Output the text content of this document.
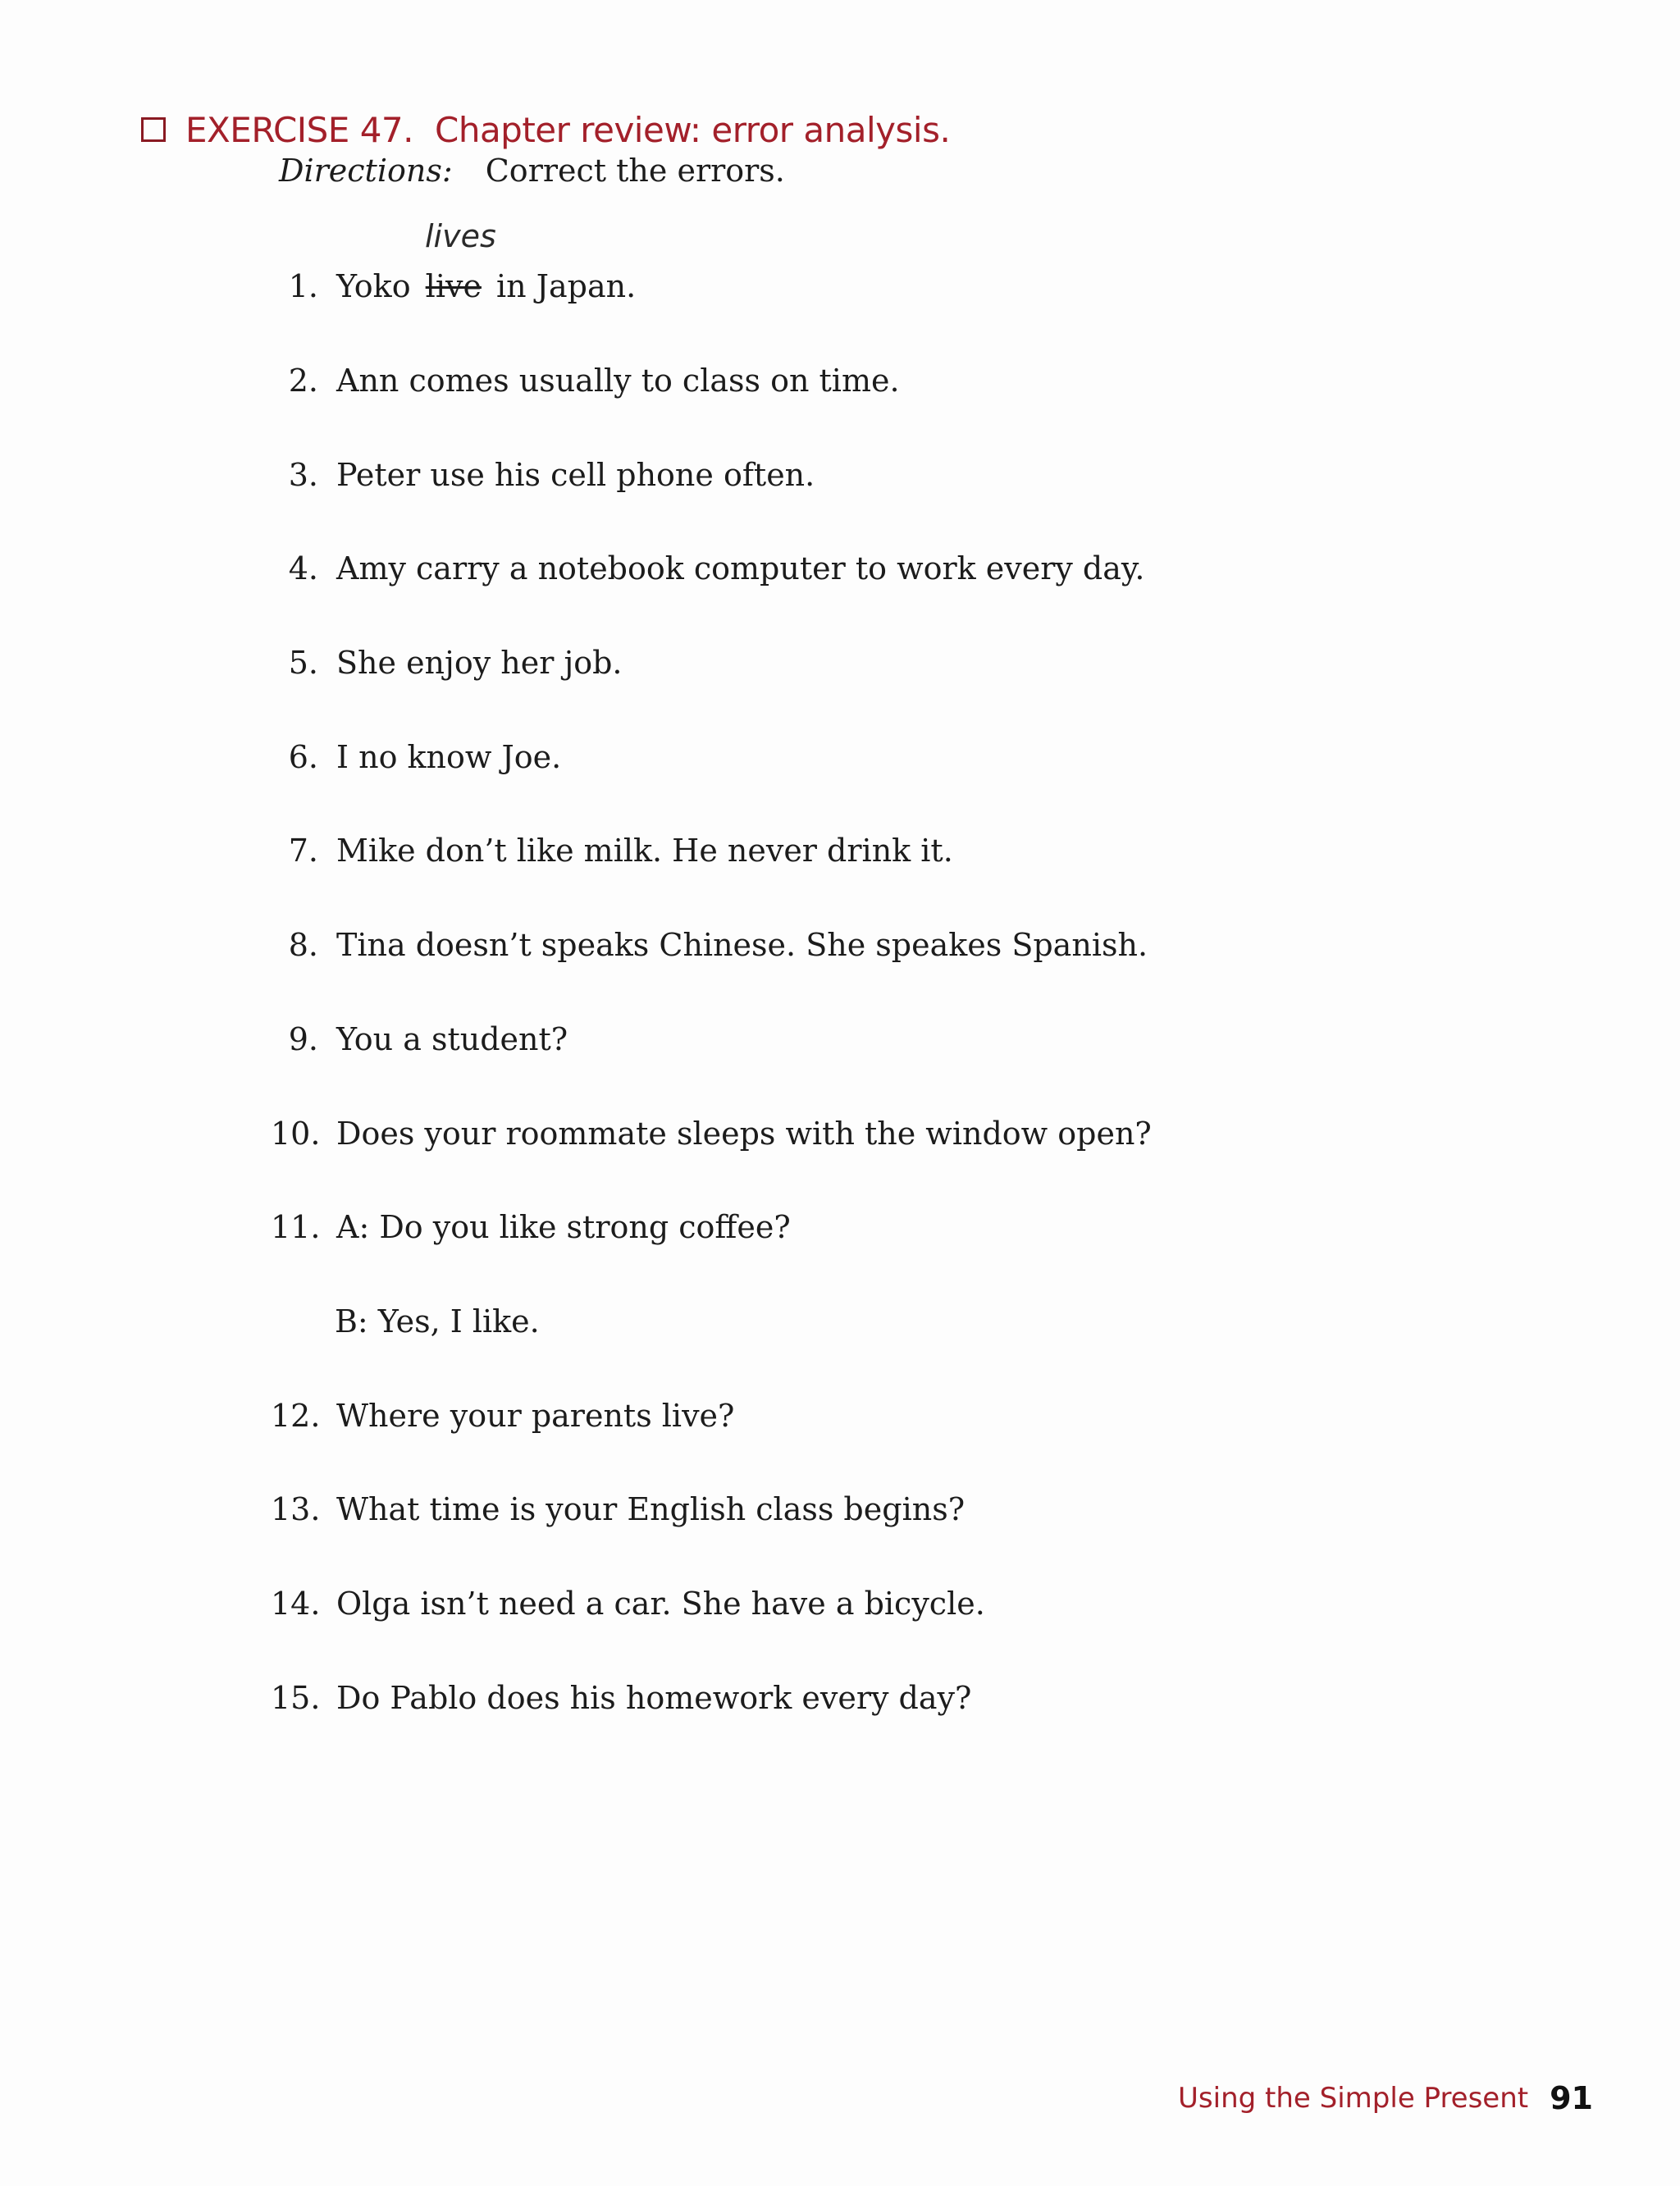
EXERCISE 47. Chapter review: error analysis.
Directions: Correct the errors.
lives
1. Yoko live in Japan.
2. Ann comes usually to class on time.
3. Peter use his cell phone often.
4. Amy carry a notebook computer to work every day.
5. She enjoy her job.
6. I no know Joe.
7. Mike don’t like milk. He never drink it.
8. Tina doesn’t speaks Chinese. She speakes Spanish.
9. You a student?
10. Does your roommate sleeps with the window open?
11. A: Do you like strong coffee?
B: Yes, I like.
12. Where your parents live?
13. What time is your English class begins?
14. Olga isn’t need a car. She have a bicycle.
15. Do Pablo does his homework every day?
Using the Simple Present 91
